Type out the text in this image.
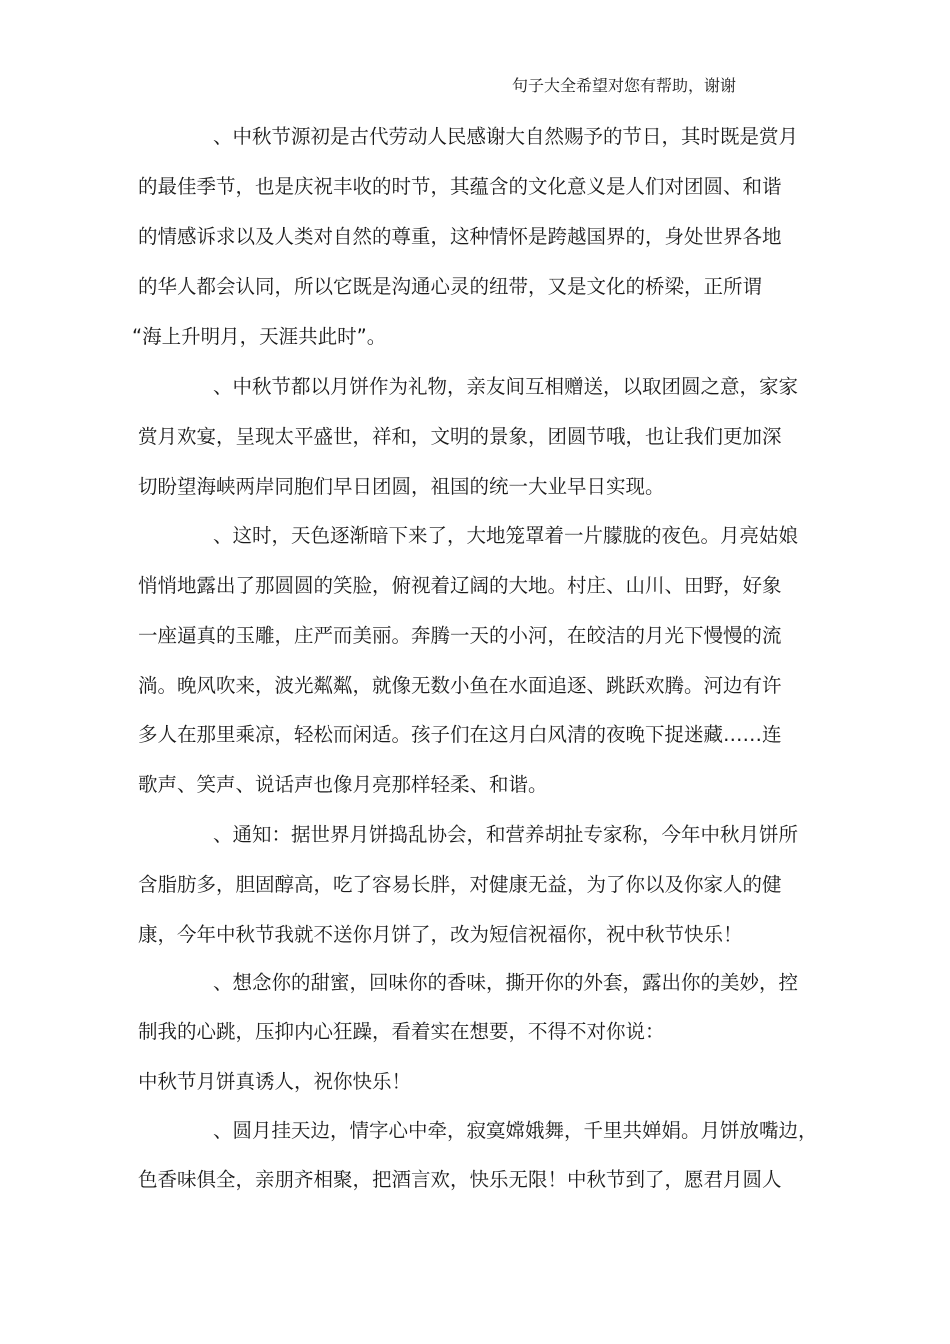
句子大全希望对您有帮助，谢谢
、中秋节源初是古代劳动人民感谢大自然赐予的节日，其时既是赏月
的最佳季节，也是庆祝丰收的时节，其蕴含的文化意义是人们对团圆、和谐
的情感诉求以及人类对自然的尊重，这种情怀是跨越国界的，身处世界各地
的华人都会认同，所以它既是沟通心灵的纽带，又是文化的桥梁，正所谓
“海上升明月，天涯共此时”。
、中秋节都以月饼作为礼物，亲友间互相赠送，以取团圆之意，家家
赏月欢宴，呈现太平盛世，祥和，文明的景象，团圆节哦，也让我们更加深
切盼望海峡两岸同胞们早日团圆，祖国的统一大业早日实现。
、这时，天色逐渐暗下来了，大地笼罩着一片朦胧的夜色。月亮姑娘
悄悄地露出了那圆圆的笑脸，俯视着辽阔的大地。村庄、山川、田野，好象
一座逼真的玉雕，庄严而美丽。奔腾一天的小河，在皎洁的月光下慢慢的流
淌。晚风吹来，波光粼粼，就像无数小鱼在水面追逐、跳跃欢腾。河边有许
多人在那里乘凉，轻松而闲适。孩子们在这月白风清的夜晚下捉迷藏……连
歌声、笑声、说话声也像月亮那样轻柔、和谐。
、通知：据世界月饼捣乱协会，和营养胡扯专家称，今年中秋月饼所
含脂肪多，胆固醇高，吃了容易长胖，对健康无益，为了你以及你家人的健
康，今年中秋节我就不送你月饼了，改为短信祝福你，祝中秋节快乐！
、想念你的甜蜜，回味你的香味，撕开你的外套，露出你的美妙，控
制我的心跳，压抑内心狂躁，看着实在想要，不得不对你说：
中秋节月饼真诱人，祝你快乐！
、圆月挂天边，情字心中牵，寂寞嫦娥舞，千里共婵娟。月饼放嘴边，
色香味俱全，亲朋齐相聚，把酒言欢，快乐无限！中秋节到了，愿君月圆人
